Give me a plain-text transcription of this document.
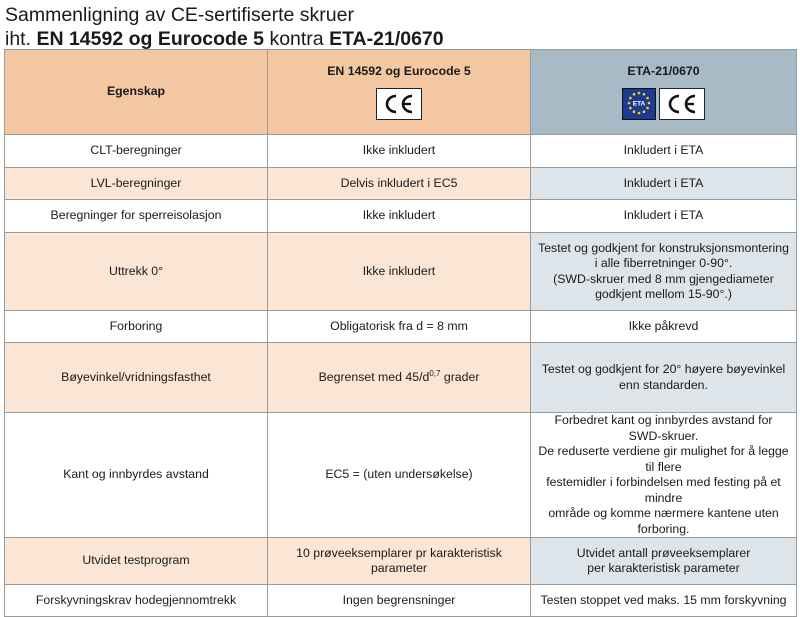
Sammenligning av CE-sertifiserte skruer
iht. EN 14592 og Eurocode 5 kontra ETA-21/0670
Egenskap	EN 14592 og Eurocode 5	ETA-21/0670
ETA

CLT-beregninger	Ikke inkludert	Inkludert i ETA

LVL-beregninger	Delvis inkludert i EC5	Inkludert i ETA

Beregninger for sperreisolasjon	Ikke inkludert	Inkludert i ETA

Uttrekk 0°	Ikke inkludert	Testet og godkjent for konstruksjonsmontering
i alle fiberretninger 0-90°.
(SWD-skruer med 8 mm gjengediameter
godkjent mellom 15-90°.)

Forboring	Obligatorisk fra d = 8 mm	Ikke påkrevd

Bøyevinkel/vridningsfasthet	Begrenset med $45/d^{0,7}$ grader	Testet og godkjent for 20° høyere bøyevinkel
enn standarden.

Kant og innbyrdes avstand	EC5 = (uten undersøkelse)	Forbedret kant og innbyrdes avstand for SWD-skruer.
De reduserte verdiene gir mulighet for å legge til flere
festemidler i forbindelsen med festing på et mindre
område og komme nærmere kantene uten forboring.

Utvidet testprogram	10 prøveeksemplarer pr karakteristisk parameter	Utvidet antall prøveeksemplarer
per karakteristisk parameter

Forskyvningskrav hodegjennomtrekk	Ingen begrensninger	Testen stoppet ved maks. 15 mm forskyvning
